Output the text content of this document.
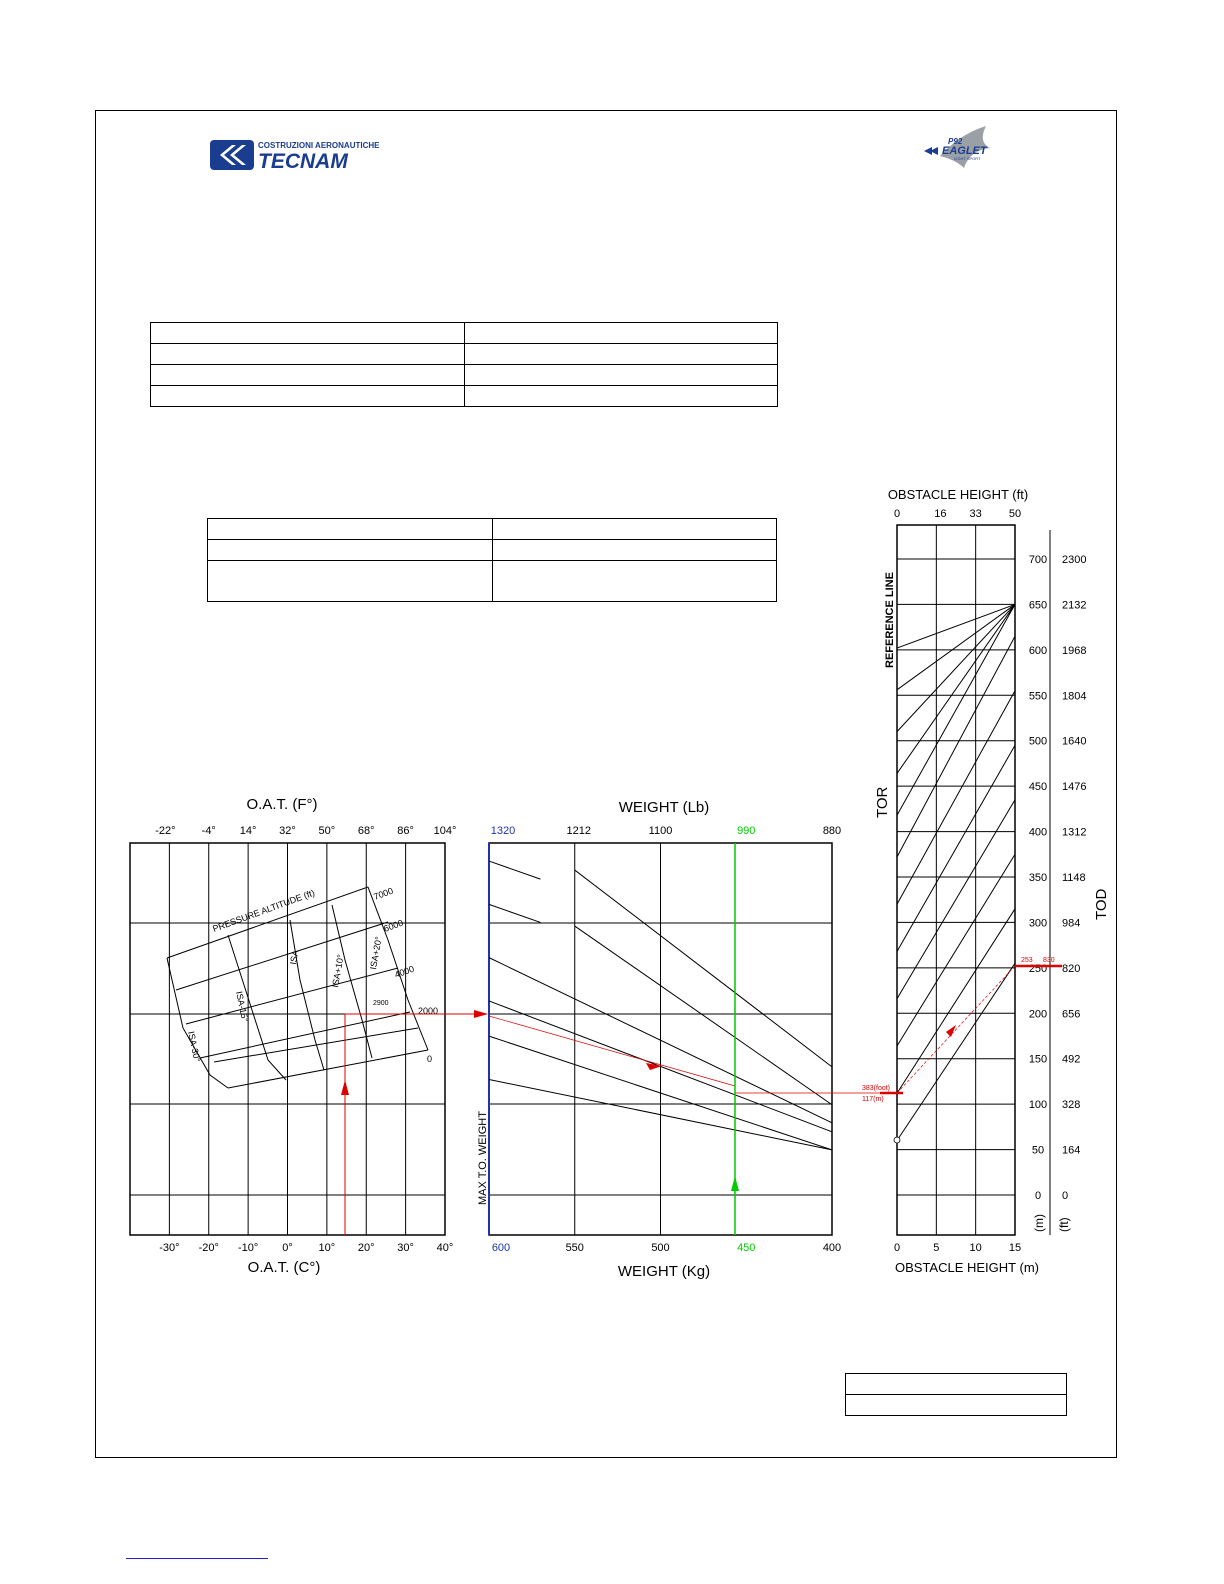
COSTRUZIONI AERONAUTICHE
TECNAM
P92
EAGLET
LIGHT SPORT

-22° -4° 14° 32° 50° 68° 86° 104°
-30° -20° -10° 0° 10° 20° 30° 40°
O.A.T. (F°)
O.A.T. (C°)
PRESSURE ALTITUDE (ft)	7000
6000
4000
2900
2000
0
ISA-30°
ISA-15°
ISA	ISA+10°
ISA+20°
1320	1212	1100	990	880
600	550	500	450	400
WEIGHT (Lb)
WEIGHT (Kg)
MAX T.O. WEIGHT
0	16 33 50
0	5	10 15
0
50
100
150
200
250
300
350
400
450
500
550
600
650
700
0
164
328
492
656
820
984
1148
1312
1476
1640
1804
1968
2132
2300
OBSTACLE HEIGHT (ft)
OBSTACLE HEIGHT (m)
REFERENCE LINE
TOR
TOD
(m) (ft)
383(foot)
117(m)
253 830
